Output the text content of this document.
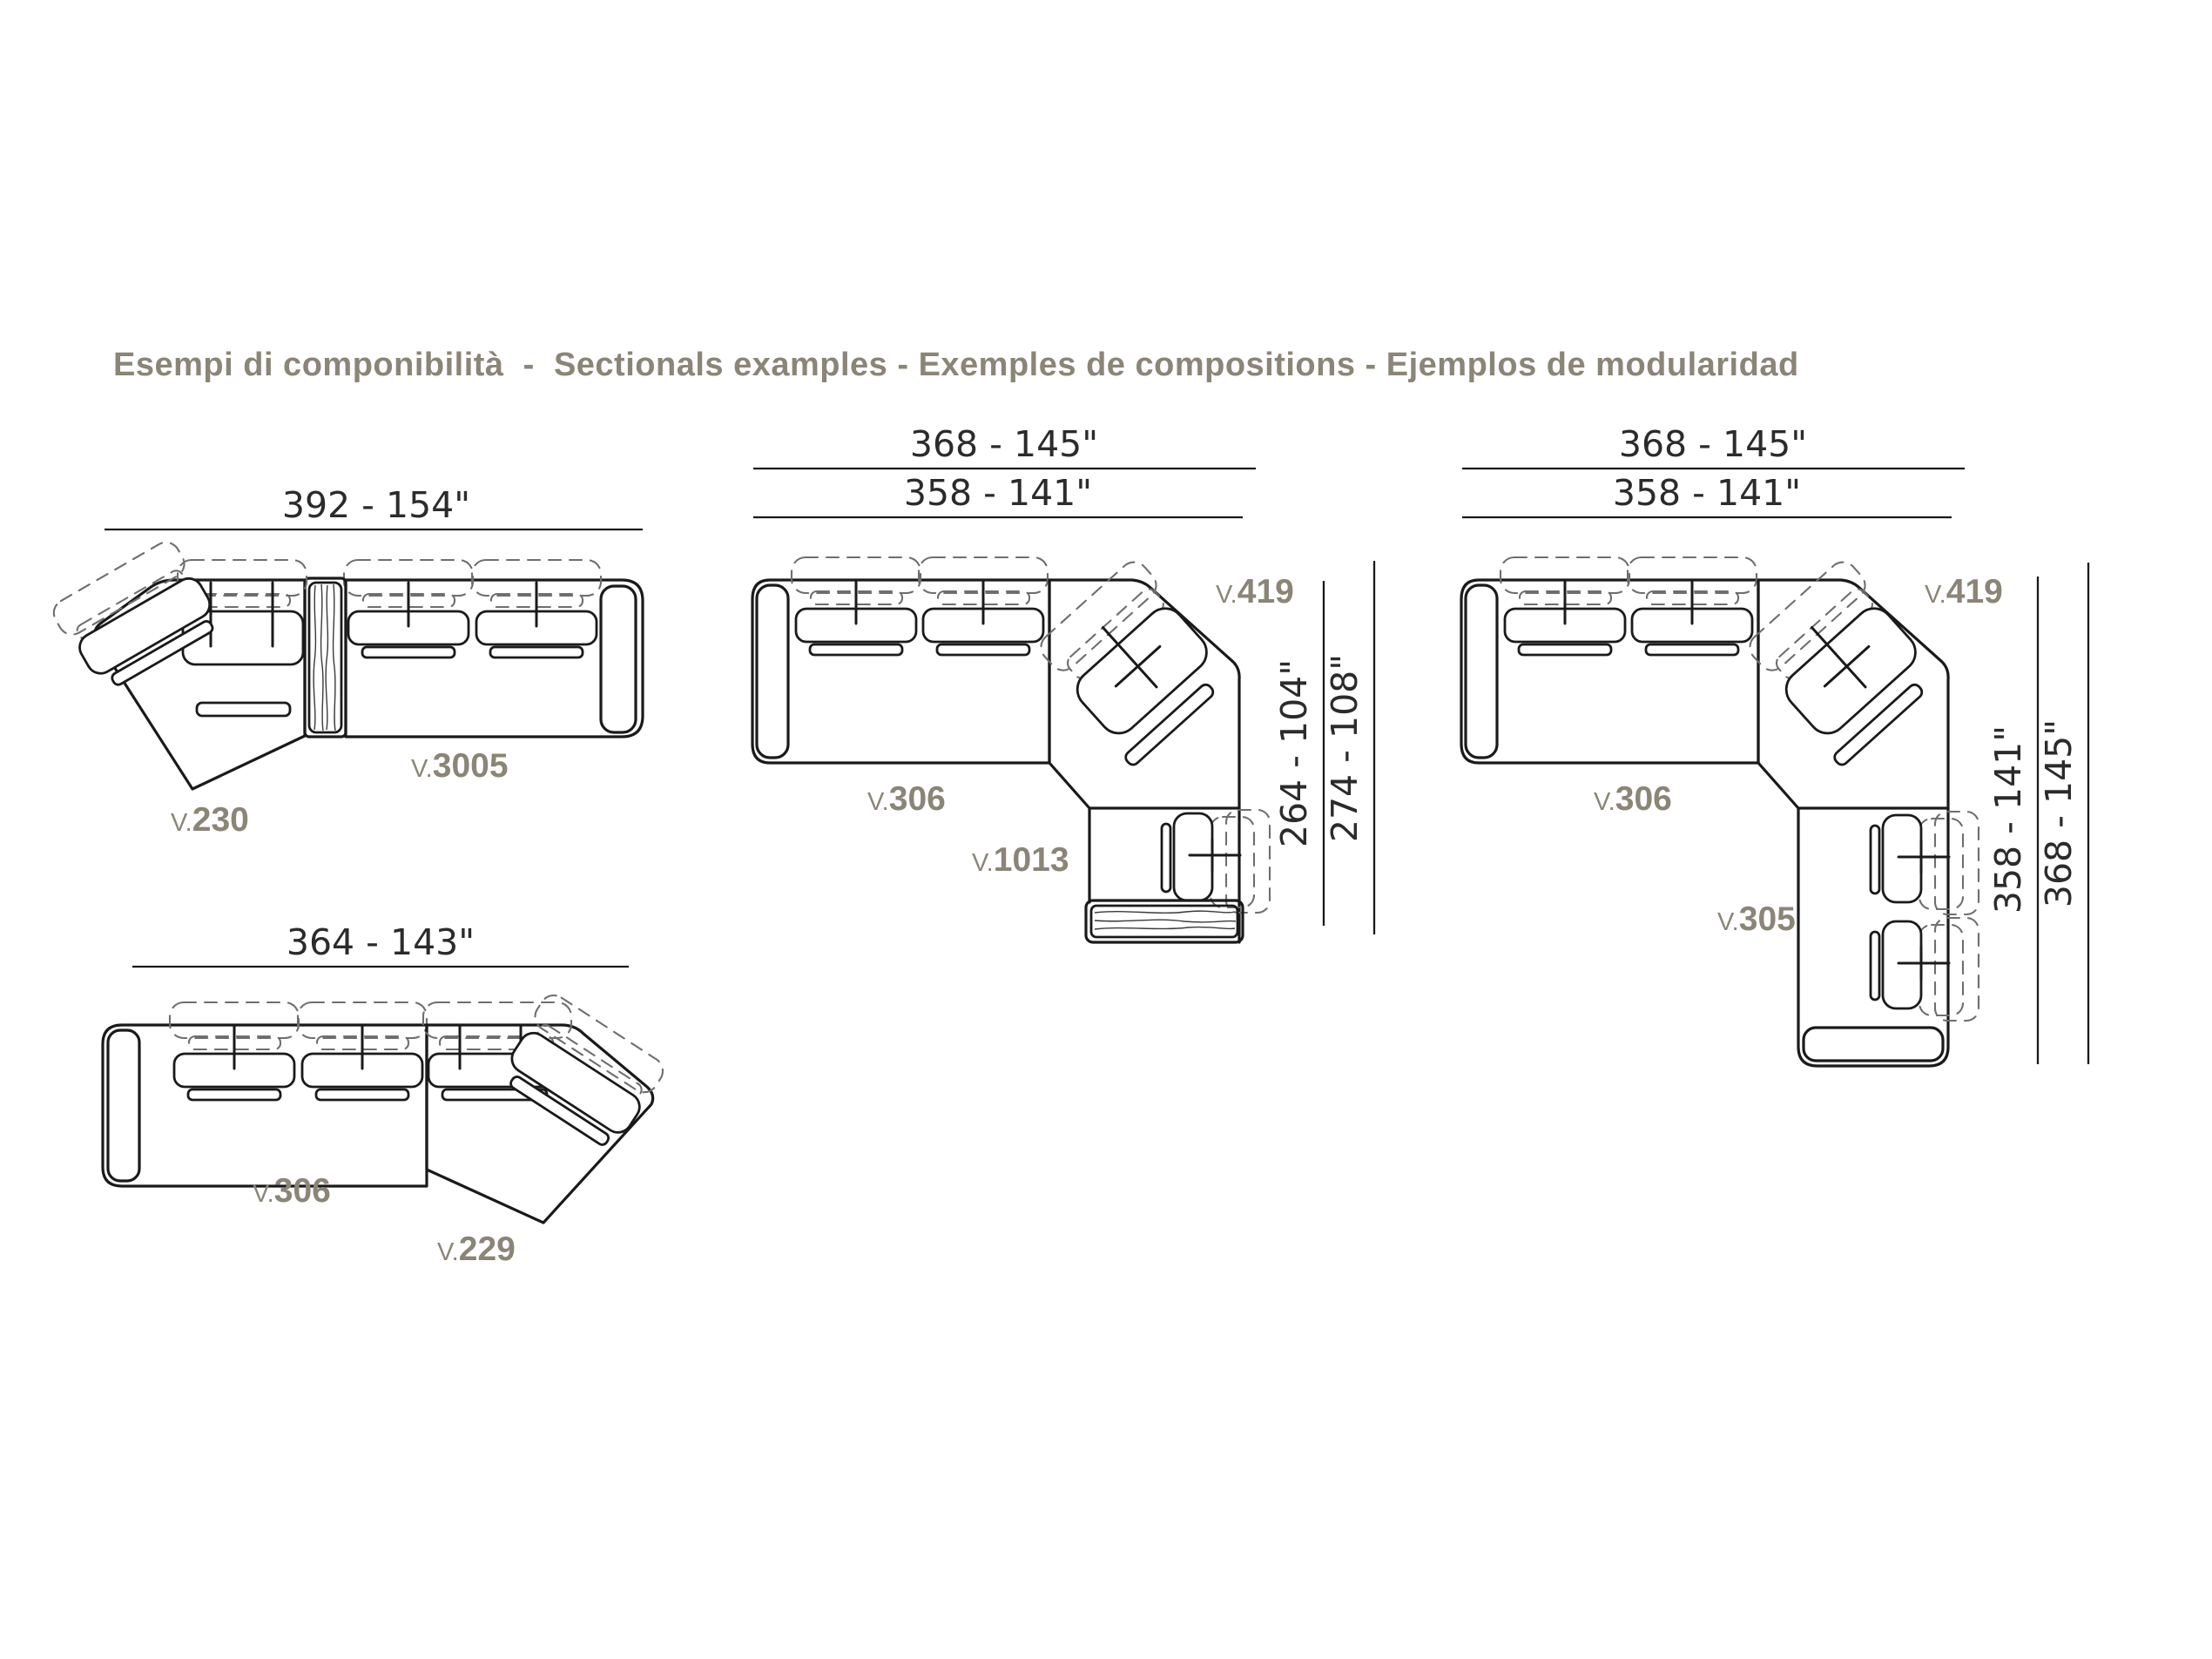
Esempi di componibilità  -  Sectionals examples - Exemples de compositions - Ejemplos de modularidad
392 - 154"
V.230
V.3005
368 - 145"
358 - 141"
264 - 104" 274 - 108"
V.306
V.419
V.1013
368 - 145"
358 - 141"
358 - 141" 368 - 145"
V.306
V.419
V.305
364 - 143"
V.306
V.229
